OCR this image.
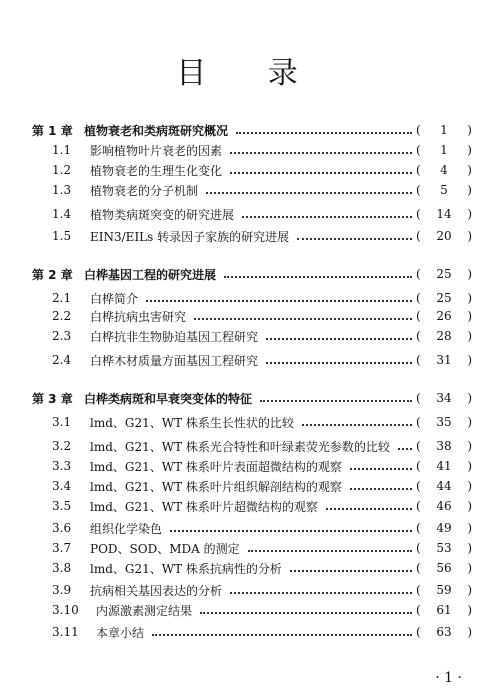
目 录
第 1 章 植物衰老和类病斑研究概况	( 1 )
1.1	影响植物叶片衰老的因素	( 1 )
1.2	植物衰老的生理生化变化	( 4 )
1.3	植物衰老的分子机制	( 5 )
1.4	植物类病斑突变的研究进展	( 14 )
1.5	EIN3/EILs 转录因子家族的研究进展	( 20 )
第 2 章 白桦基因工程的研究进展	( 25 )
2.1	白桦简介	( 25 )
2.2	白桦抗病虫害研究	( 26 )
2.3	白桦抗非生物胁迫基因工程研究	( 28 )
2.4	白桦木材质量方面基因工程研究	( 31 )
第 3 章 白桦类病斑和早衰突变体的特征	( 34 )
3.1	lmd、G21、WT 株系生长性状的比较	( 35 )
3.2	lmd、G21、WT 株系光合特性和叶绿素荧光参数的比较	( 38 )
3.3	lmd、G21、WT 株系叶片表面超微结构的观察	( 41 )
3.4	lmd、G21、WT 株系叶片组织解剖结构的观察	( 44 )
3.5	lmd、G21、WT 株系叶片超微结构的观察	( 46 )
3.6	组织化学染色	( 49 )
3.7	POD、SOD、MDA 的测定	( 53 )
3.8	lmd、G21、WT 株系抗病性的分析	( 56 )
3.9	抗病相关基因表达的分析	( 59 )
3.10	内源激素测定结果	( 61 )
3.11	本章小结	( 63 )
· 1 ·
